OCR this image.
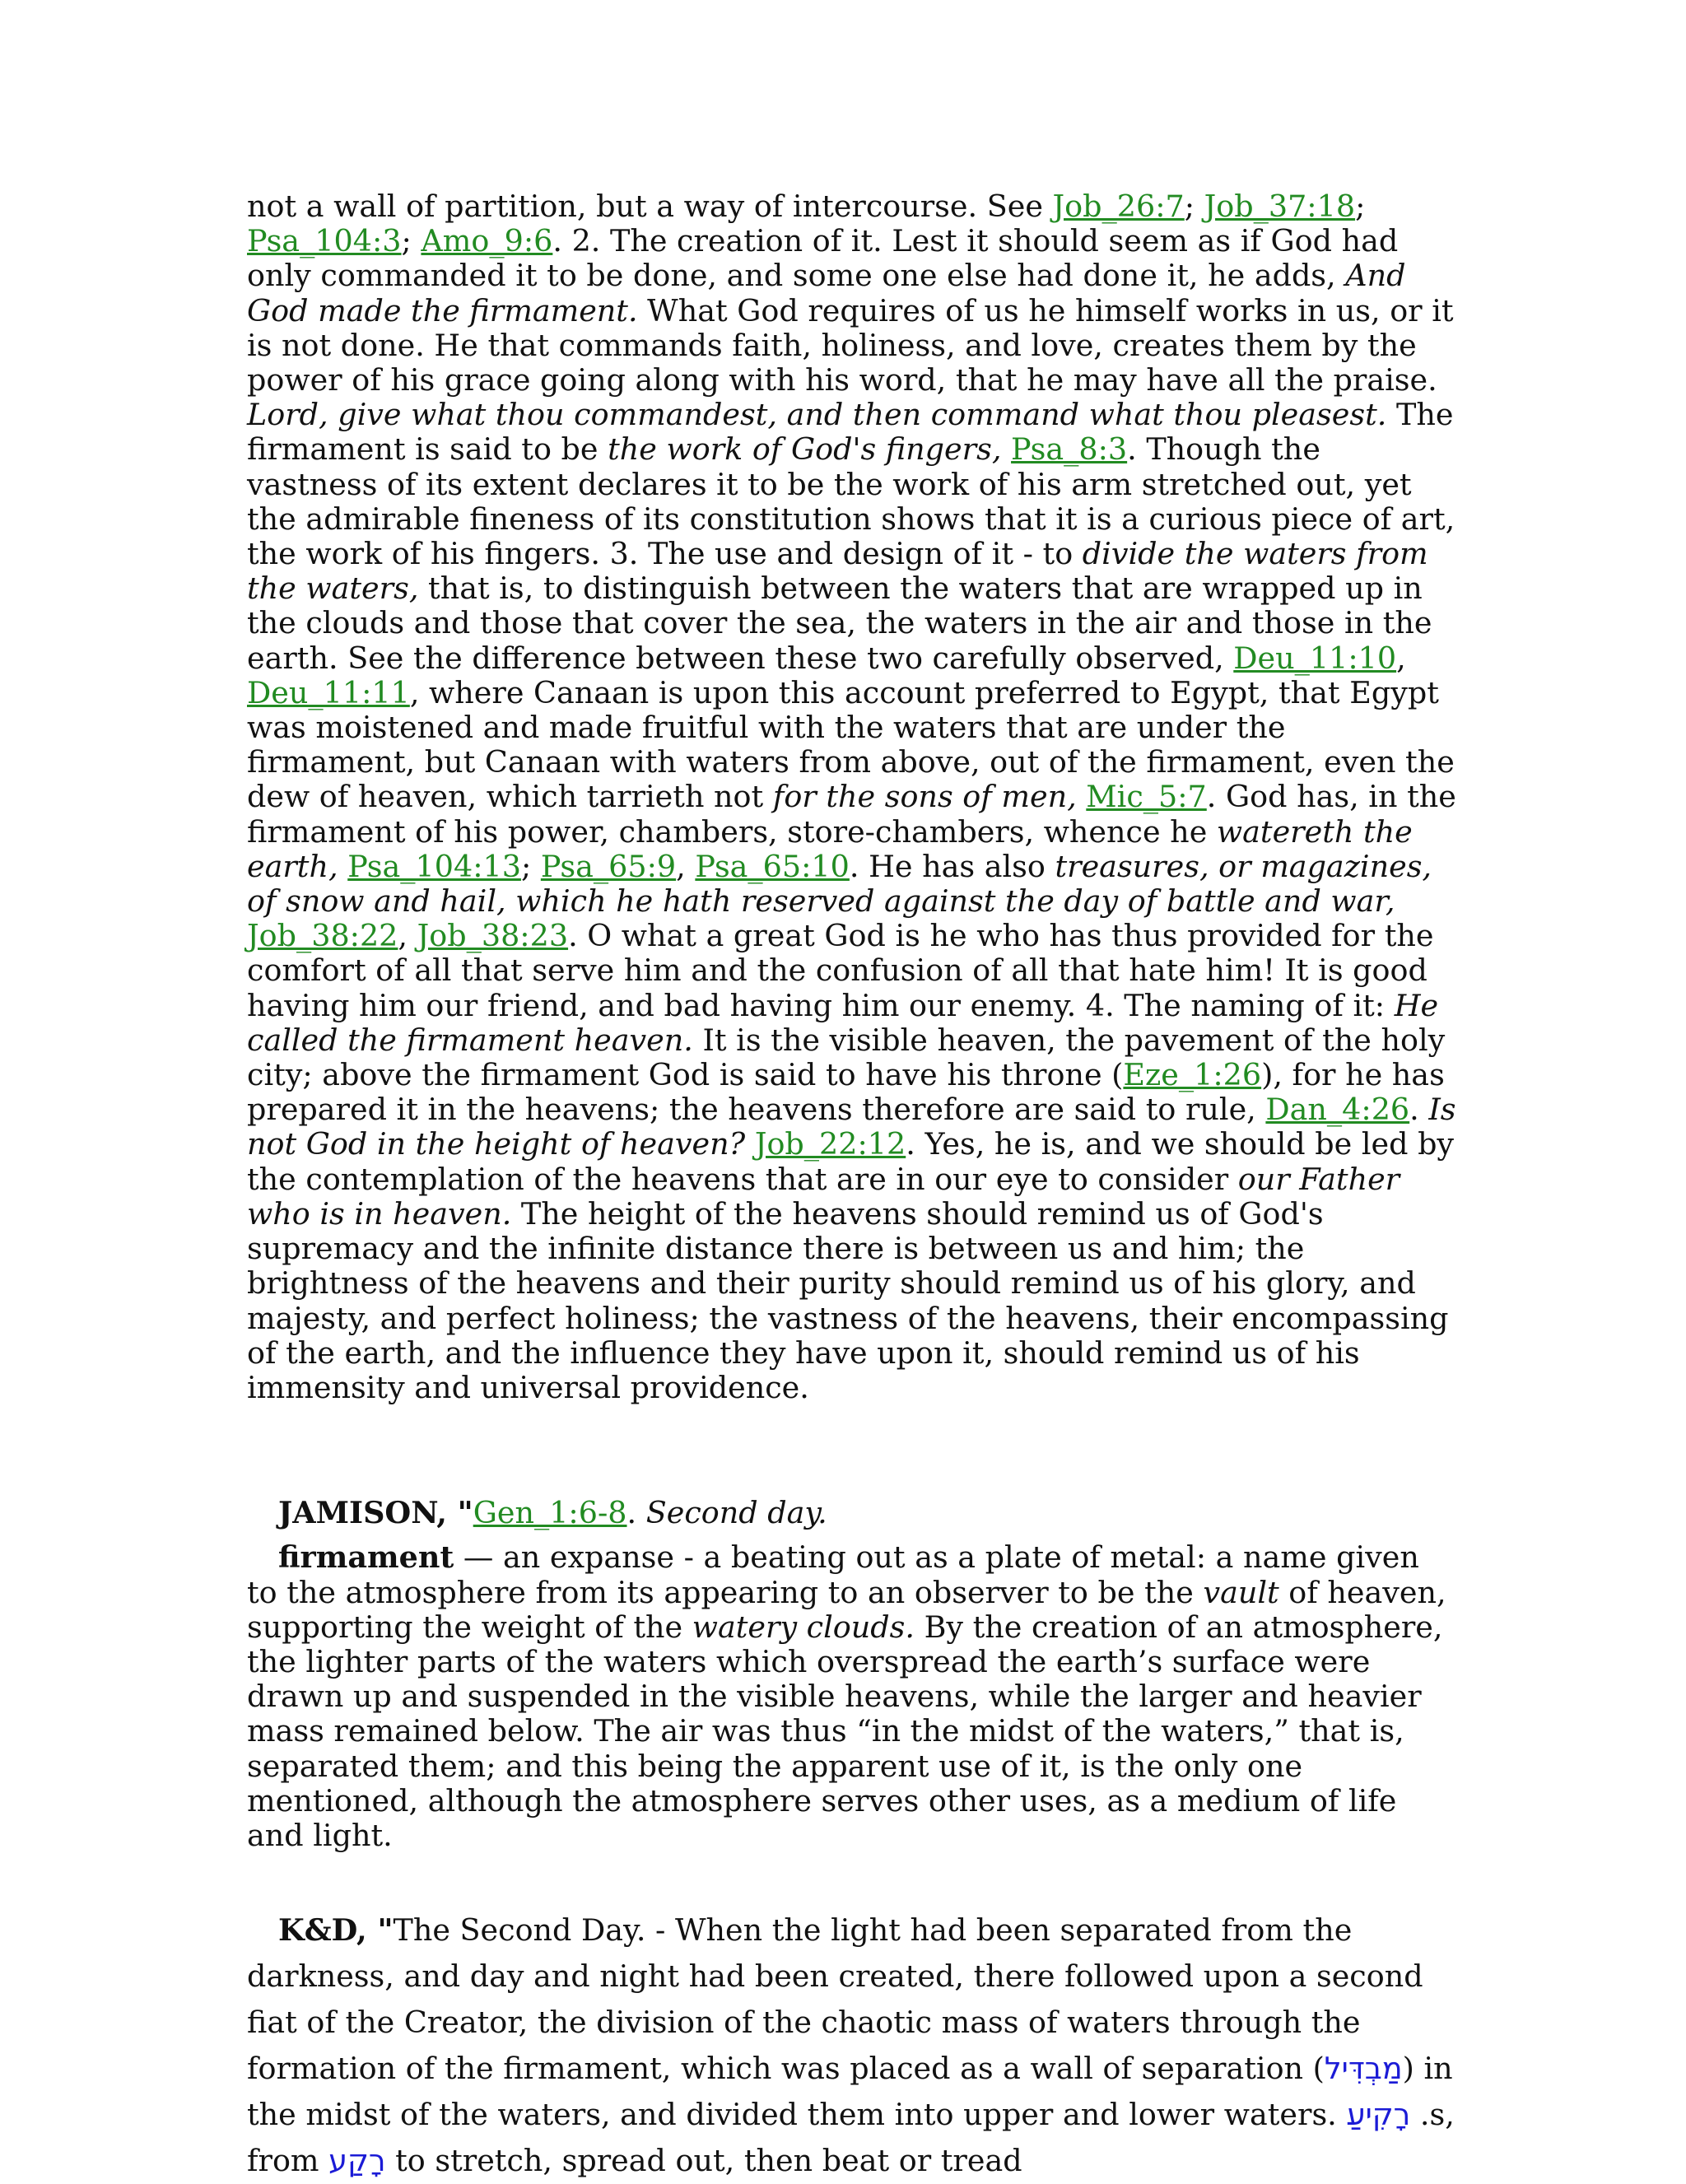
not a wall of partition, but a way of intercourse. See Job_26:7; Job_37:18; Psa_104:3; Amo_9:6. 2. The creation of it. Lest it should seem as if God had only commanded it to be done, and some one else had done it, he adds, And God made the firmament. What God requires of us he himself works in us, or it is not done. He that commands faith, holiness, and love, creates them by the power of his grace going along with his word, that he may have all the praise. Lord, give what thou commandest, and then command what thou pleasest. The firmament is said to be the work of God's fingers, Psa_8:3. Though the vastness of its extent declares it to be the work of his arm stretched out, yet the admirable fineness of its constitution shows that it is a curious piece of art, the work of his fingers. 3. The use and design of it - to divide the waters from the waters, that is, to distinguish between the waters that are wrapped up in the clouds and those that cover the sea, the waters in the air and those in the earth. See the difference between these two carefully observed, Deu_11:10, Deu_11:11, where Canaan is upon this account preferred to Egypt, that Egypt was moistened and made fruitful with the waters that are under the firmament, but Canaan with waters from above, out of the firmament, even the dew of heaven, which tarrieth not for the sons of men, Mic_5:7. God has, in the firmament of his power, chambers, store-chambers, whence he watereth the earth, Psa_104:13; Psa_65:9, Psa_65:10. He has also treasures, or magazines, of snow and hail, which he hath reserved against the day of battle and war, Job_38:22, Job_38:23. O what a great God is he who has thus provided for the comfort of all that serve him and the confusion of all that hate him! It is good having him our friend, and bad having him our enemy. 4. The naming of it: He called the firmament heaven. It is the visible heaven, the pavement of the holy city; above the firmament God is said to have his throne (Eze_1:26), for he has prepared it in the heavens; the heavens therefore are said to rule, Dan_4:26. Is not God in the height of heaven? Job_22:12. Yes, he is, and we should be led by the contemplation of the heavens that are in our eye to consider our Father who is in heaven. The height of the heavens should remind us of God's supremacy and the infinite distance there is between us and him; the brightness of the heavens and their purity should remind us of his glory, and majesty, and perfect holiness; the vastness of the heavens, their encompassing of the earth, and the influence they have upon it, should remind us of his immensity and universal providence.

JAMISON, "Gen_1:6-8. Second day.

firmament — an expanse - a beating out as a plate of metal: a name given to the atmosphere from its appearing to an observer to be the vault of heaven, supporting the weight of the watery clouds. By the creation of an atmosphere, the lighter parts of the waters which overspread the earth’s surface were drawn up and suspended in the visible heavens, while the larger and heavier mass remained below. The air was thus “in the midst of the waters,” that is, separated them; and this being the apparent use of it, is the only one mentioned, although the atmosphere serves other uses, as a medium of life and light.

K&D, "The Second Day. - When the light had been separated from the darkness, and day and night had been created, there followed upon a second fiat of the Creator, the division of the chaotic mass of waters through the formation of the firmament, which was placed as a wall of separation (מַבְדִּיל) in the midst of the waters, and divided them into upper and lower waters. רָקִיעַ .s, from רָקַע to stretch, spread out, then beat or tread
